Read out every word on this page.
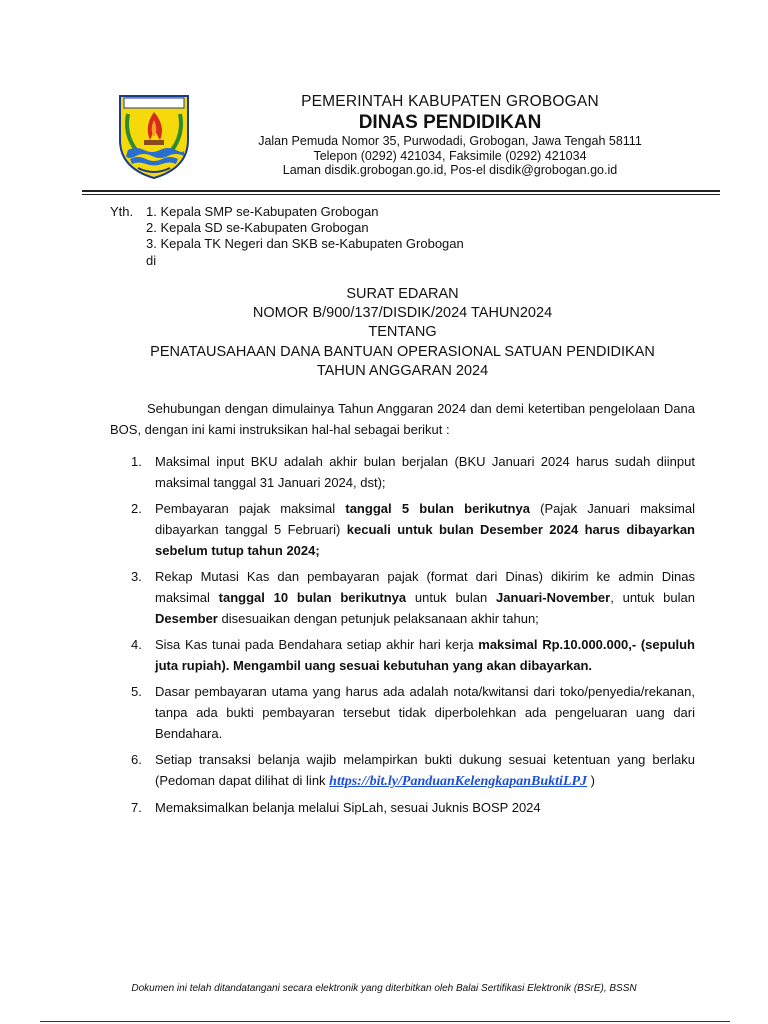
PEMERINTAH KABUPATEN GROBOGAN
DINAS PENDIDIKAN
Jalan Pemuda Nomor 35, Purwodadi, Grobogan, Jawa Tengah 58111
Telepon (0292) 421034, Faksimile (0292) 421034
Laman disdik.grobogan.go.id, Pos-el disdik@grobogan.go.id
Yth. 1. Kepala SMP se-Kabupaten Grobogan
2. Kepala SD se-Kabupaten Grobogan
3. Kepala TK Negeri dan SKB se-Kabupaten Grobogan
di
SURAT EDARAN
NOMOR B/900/137/DISDIK/2024 TAHUN2024
TENTANG
PENATAUSAHAAN DANA BANTUAN OPERASIONAL SATUAN PENDIDIKAN
TAHUN ANGGARAN 2024
Sehubungan dengan dimulainya Tahun Anggaran 2024 dan demi ketertiban pengelolaan Dana BOS, dengan ini kami instruksikan hal-hal sebagai berikut :
1. Maksimal input BKU adalah akhir bulan berjalan (BKU Januari 2024 harus sudah diinput maksimal tanggal 31 Januari 2024, dst);
2. Pembayaran pajak maksimal tanggal 5 bulan berikutnya (Pajak Januari maksimal dibayarkan tanggal 5 Februari) kecuali untuk bulan Desember 2024 harus dibayarkan sebelum tutup tahun 2024;
3. Rekap Mutasi Kas dan pembayaran pajak (format dari Dinas) dikirim ke admin Dinas maksimal tanggal 10 bulan berikutnya untuk bulan Januari-November, untuk bulan Desember disesuaikan dengan petunjuk pelaksanaan akhir tahun;
4. Sisa Kas tunai pada Bendahara setiap akhir hari kerja maksimal Rp.10.000.000,- (sepuluh juta rupiah). Mengambil uang sesuai kebutuhan yang akan dibayarkan.
5. Dasar pembayaran utama yang harus ada adalah nota/kwitansi dari toko/penyedia/rekanan, tanpa ada bukti pembayaran tersebut tidak diperbolehkan ada pengeluaran uang dari Bendahara.
6. Setiap transaksi belanja wajib melampirkan bukti dukung sesuai ketentuan yang berlaku (Pedoman dapat dilihat di link https://bit.ly/PanduanKelengkapanBuktiLPJ )
7. Memaksimalkan belanja melalui SipLah, sesuai Juknis BOSP 2024
Dokumen ini telah ditandatangani secara elektronik yang diterbitkan oleh Balai Sertifikasi Elektronik (BSrE), BSSN
